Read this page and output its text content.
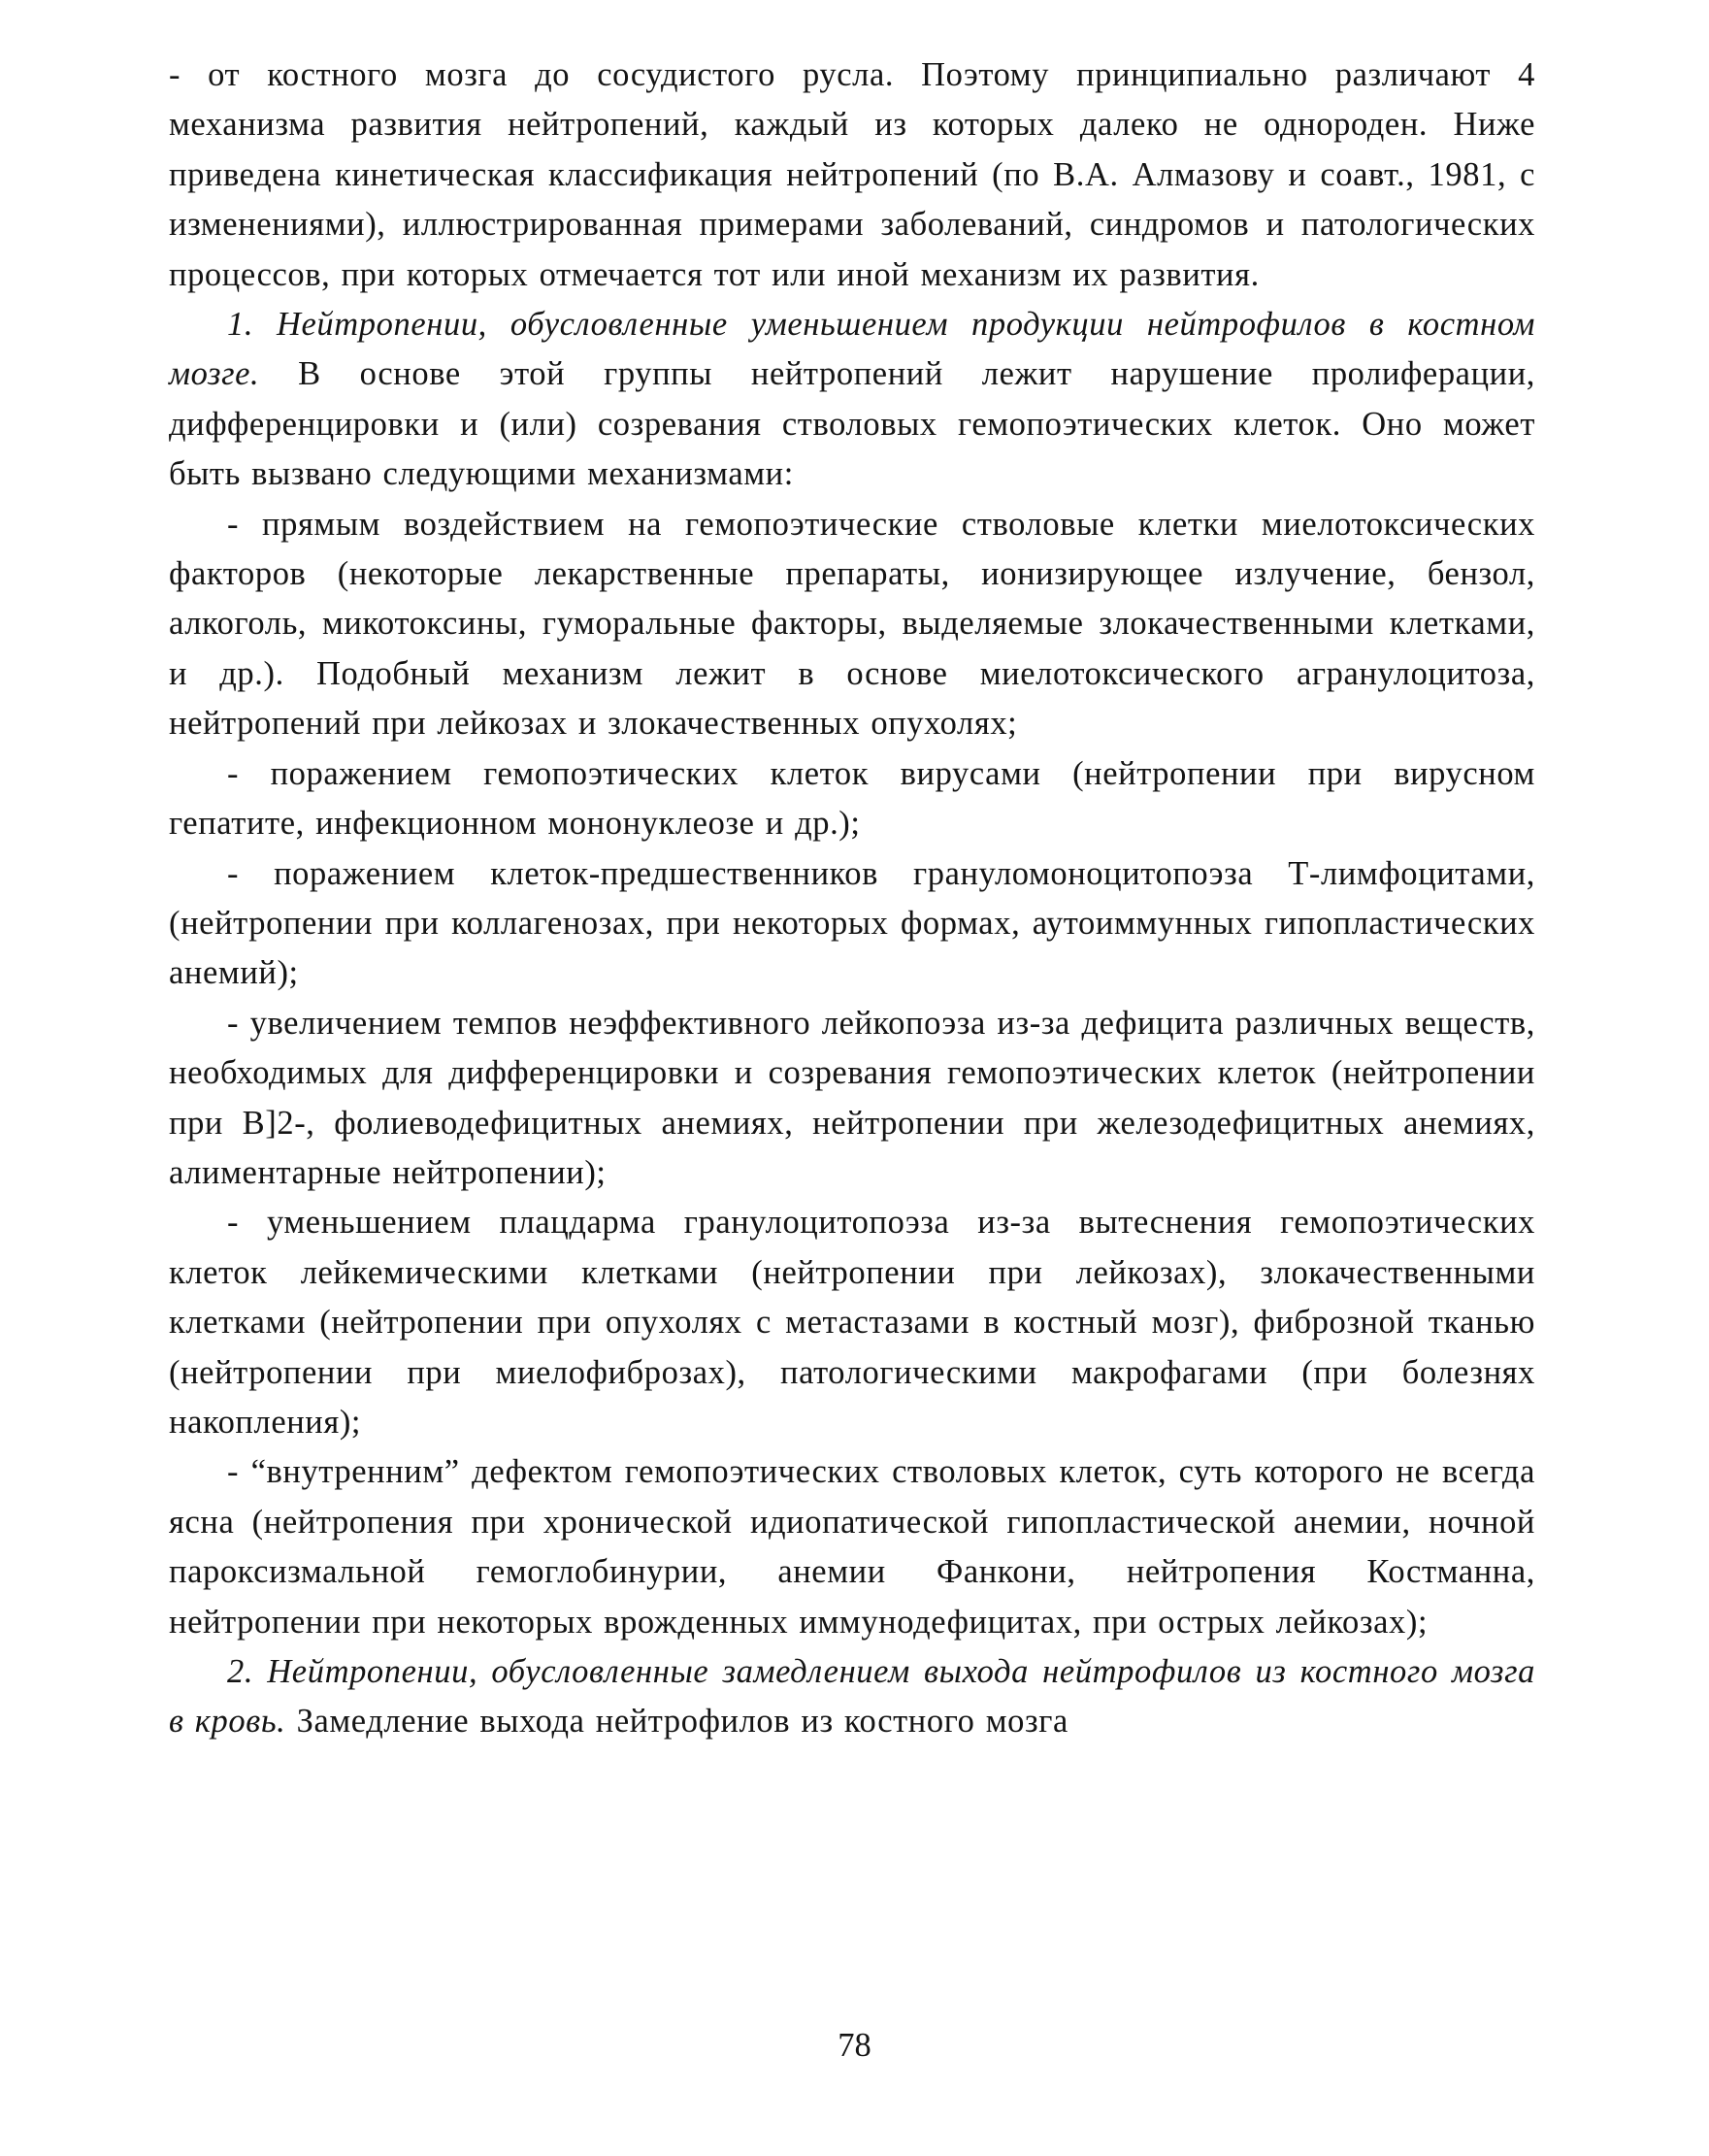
- от костного мозга до сосудистого русла. Поэтому принципиально различают 4 механизма развития нейтропений, каждый из которых далеко не однороден. Ниже приведена кинетическая классификация нейтропений (по В.А. Алмазову и соавт., 1981, с изменениями), иллюстрированная примерами заболеваний, синдромов и патологических процессов, при которых отмечается тот или иной механизм их развития.

1. Нейтропении, обусловленные уменьшением продукции нейтрофилов в костном мозге. В основе этой группы нейтропений лежит нарушение пролиферации, дифференцировки и (или) созревания стволовых гемопоэтических клеток. Оно может быть вызвано следующими механизмами:

- прямым воздействием на гемопоэтические стволовые клетки миелотоксических факторов (некоторые лекарственные препараты, ионизирующее излучение, бензол, алкоголь, микотоксины, гуморальные факторы, выделяемые злокачественными клетками, и др.). Подобный механизм лежит в основе миелотоксического агранулоцитоза, нейтропений при лейкозах и злокачественных опухолях;

- поражением гемопоэтических клеток вирусами (нейтропении при вирусном гепатите, инфекционном мононуклеозе и др.);

- поражением клеток-предшественников грануломоноцитопоэза Т-лимфоцитами, (нейтропении при коллагенозах, при некоторых формах, аутоиммунных гипопластических анемий);

- увеличением темпов неэффективного лейкопоэза из-за дефицита различных веществ, необходимых для дифференцировки и созревания гемопоэтических клеток (нейтропении при В]2-, фолиеводефицитных анемиях, нейтропении при железодефицитных анемиях, алиментарные нейтропении);

- уменьшением плацдарма гранулоцитопоэза из-за вытеснения гемопоэтических клеток лейкемическими клетками (нейтропении при лейкозах), злокачественными клетками (нейтропении при опухолях с метастазами в костный мозг), фиброзной тканью (нейтропении при миелофиброзах), патологическими макрофагами (при болезнях накопления);

- “внутренним” дефектом гемопоэтических стволовых клеток, суть которого не всегда ясна (нейтропения при хронической идиопатической гипопластической анемии, ночной пароксизмальной гемоглобинурии, анемии Фанкони, нейтропения Костманна, нейтропении при некоторых врожденных иммунодефицитах, при острых лейкозах);

2. Нейтропении, обусловленные замедлением выхода нейтрофилов из костного мозга в кровь. Замедление выхода нейтрофилов из костного мозга

78
